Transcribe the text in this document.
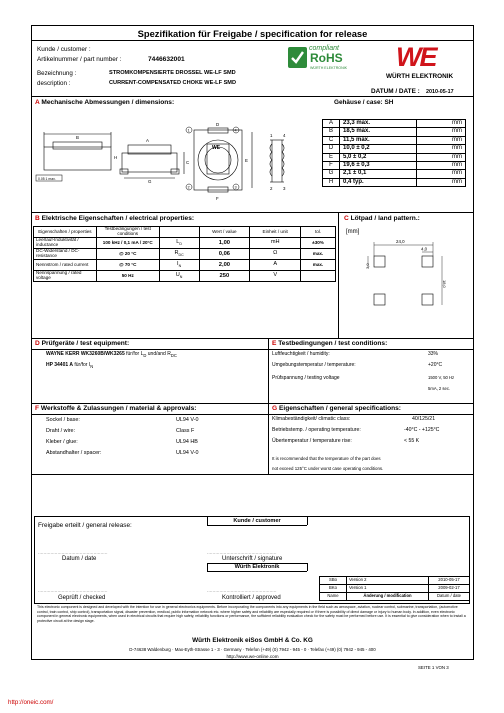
Spezifikation für Freigabe / specification for release
Kunde / customer :
Artikelnummer / part number :	7446632001
Bezeichnung :	STROMKOMPENSIERTE DROSSEL WE-LF SMD
description :	CURRENT-COMPENSATED CHOKE WE-LF SMD
compliant
RoHS
WÜRTH ELEKTRONIK WE
WÜRTH ELEKTRONIK
DATUM / DATE : 2010-05-17
A Mechanische Abmessungen / dimensions:	Gehäuse / case: SH
B
A
C
H
G
D
E
F
WE
1 4
2 3
1	4
2	3
0.05 1 max.
A	23,3 max.	mm
B	18,5 max.	mm
C	11,5 max.	mm
D	10,0 ± 0,2	mm
E	5,0 ± 0,2	mm
F	19,6 ± 0,3	mm
G	2,1 ± 0,1	mm
H	0,4 typ.	mm
B Elektrische Eigenschaften / electrical properties:	C Lötpad / land pattern.:
Eigenschaften / properties	Testbedingungen / test conditions		Wert / value	Einheit / unit	tol.
Leerlauf-Induktivität / inductance	100 kHz / 0,1 mA / 20°C	$L_D$	1,00	mH	±30%
DC-Widerstand / DC-resistance	@ 20 °C	$R_{DC}$	0,06	Ω	max.
Nennstrom / rated current	@ 70 °C	$I_N$	2,00	A	max.
Nennspannung / rated voltage	50 Hz	$U_N$	250	V	
[mm]
24,0
4,0
3,0
18,0
D Prüfgeräte / test equipment:	E Testbedingungen / test conditions:
WAYNE KERR WK3260B/WK3265 für/for $L_D$ und/and $R_{DC}$
HP 34401 A für/for $I_N$
Luftfeuchtigkeit / humidity:	33%
Umgebungstemperatur / temperature:	+20°C
Prüfspannung / testing voltage	1500 V, 50 Hz
5mA, 2 sec.
F Werkstoffe & Zulassungen / material & approvals:	G Eigenschaften / general specifications:
Sockel / base:	UL94 V-0
Draht / wire:	Class F
Kleber / glue:	UL94 HB
Abstandhalter / spacer:	UL94 V-0
Klimabeständigkeit/ climatic class:	40/125/21
Betriebstemp. / operating temperature:	-40°C - +125°C
Übertemperatur / temperature rise:	< 55 K
It is recommended that the temperature of the part does
not exceed 125°C under worst case operating conditions.
Freigabe erteilt / general release:
Kunde / customer
..................................................	..................................................
Datum / date	Unterschrift / signature
Würth Elektronik
SBo	Version 2	2010-05-17
BKo	Version 1	2009-02-17
Name	Änderung / modification	Datum / date
..................................................	..................................................
Geprüft / checked	Kontrolliert / approved
This electronic component is designed and developed with the intention for use in general electronics equipments. Before incorporating the components into any equipments in the field such as aerospace, aviation, nuclear control, submarine, transportation, (automotive control, train control, ship control), transportation signal, disaster prevention, medical, public information network etc. where higher safety and reliability are especially required or if there is possibility of direct damage or injury to human body. In addition, even electronic component in general electronic equipments, when used in electrical circuits that require high safety, reliability functions or performance, the sufficient reliability evaluation check for the safety must be performed before use. It is essential to give consideration when to install a protective circuit at the design stage.
Würth Elektronik eiSos GmbH & Co. KG
D-74638 Waldenburg · Max-Eyth-Strasse 1 - 3 · Germany · Telefon (+49) (0) 7942 - 945 - 0 · Telefax (+49) (0) 7942 - 945 - 400
http://www.we-online.com
SEITE 1 VON 3
http://oneic.com/
